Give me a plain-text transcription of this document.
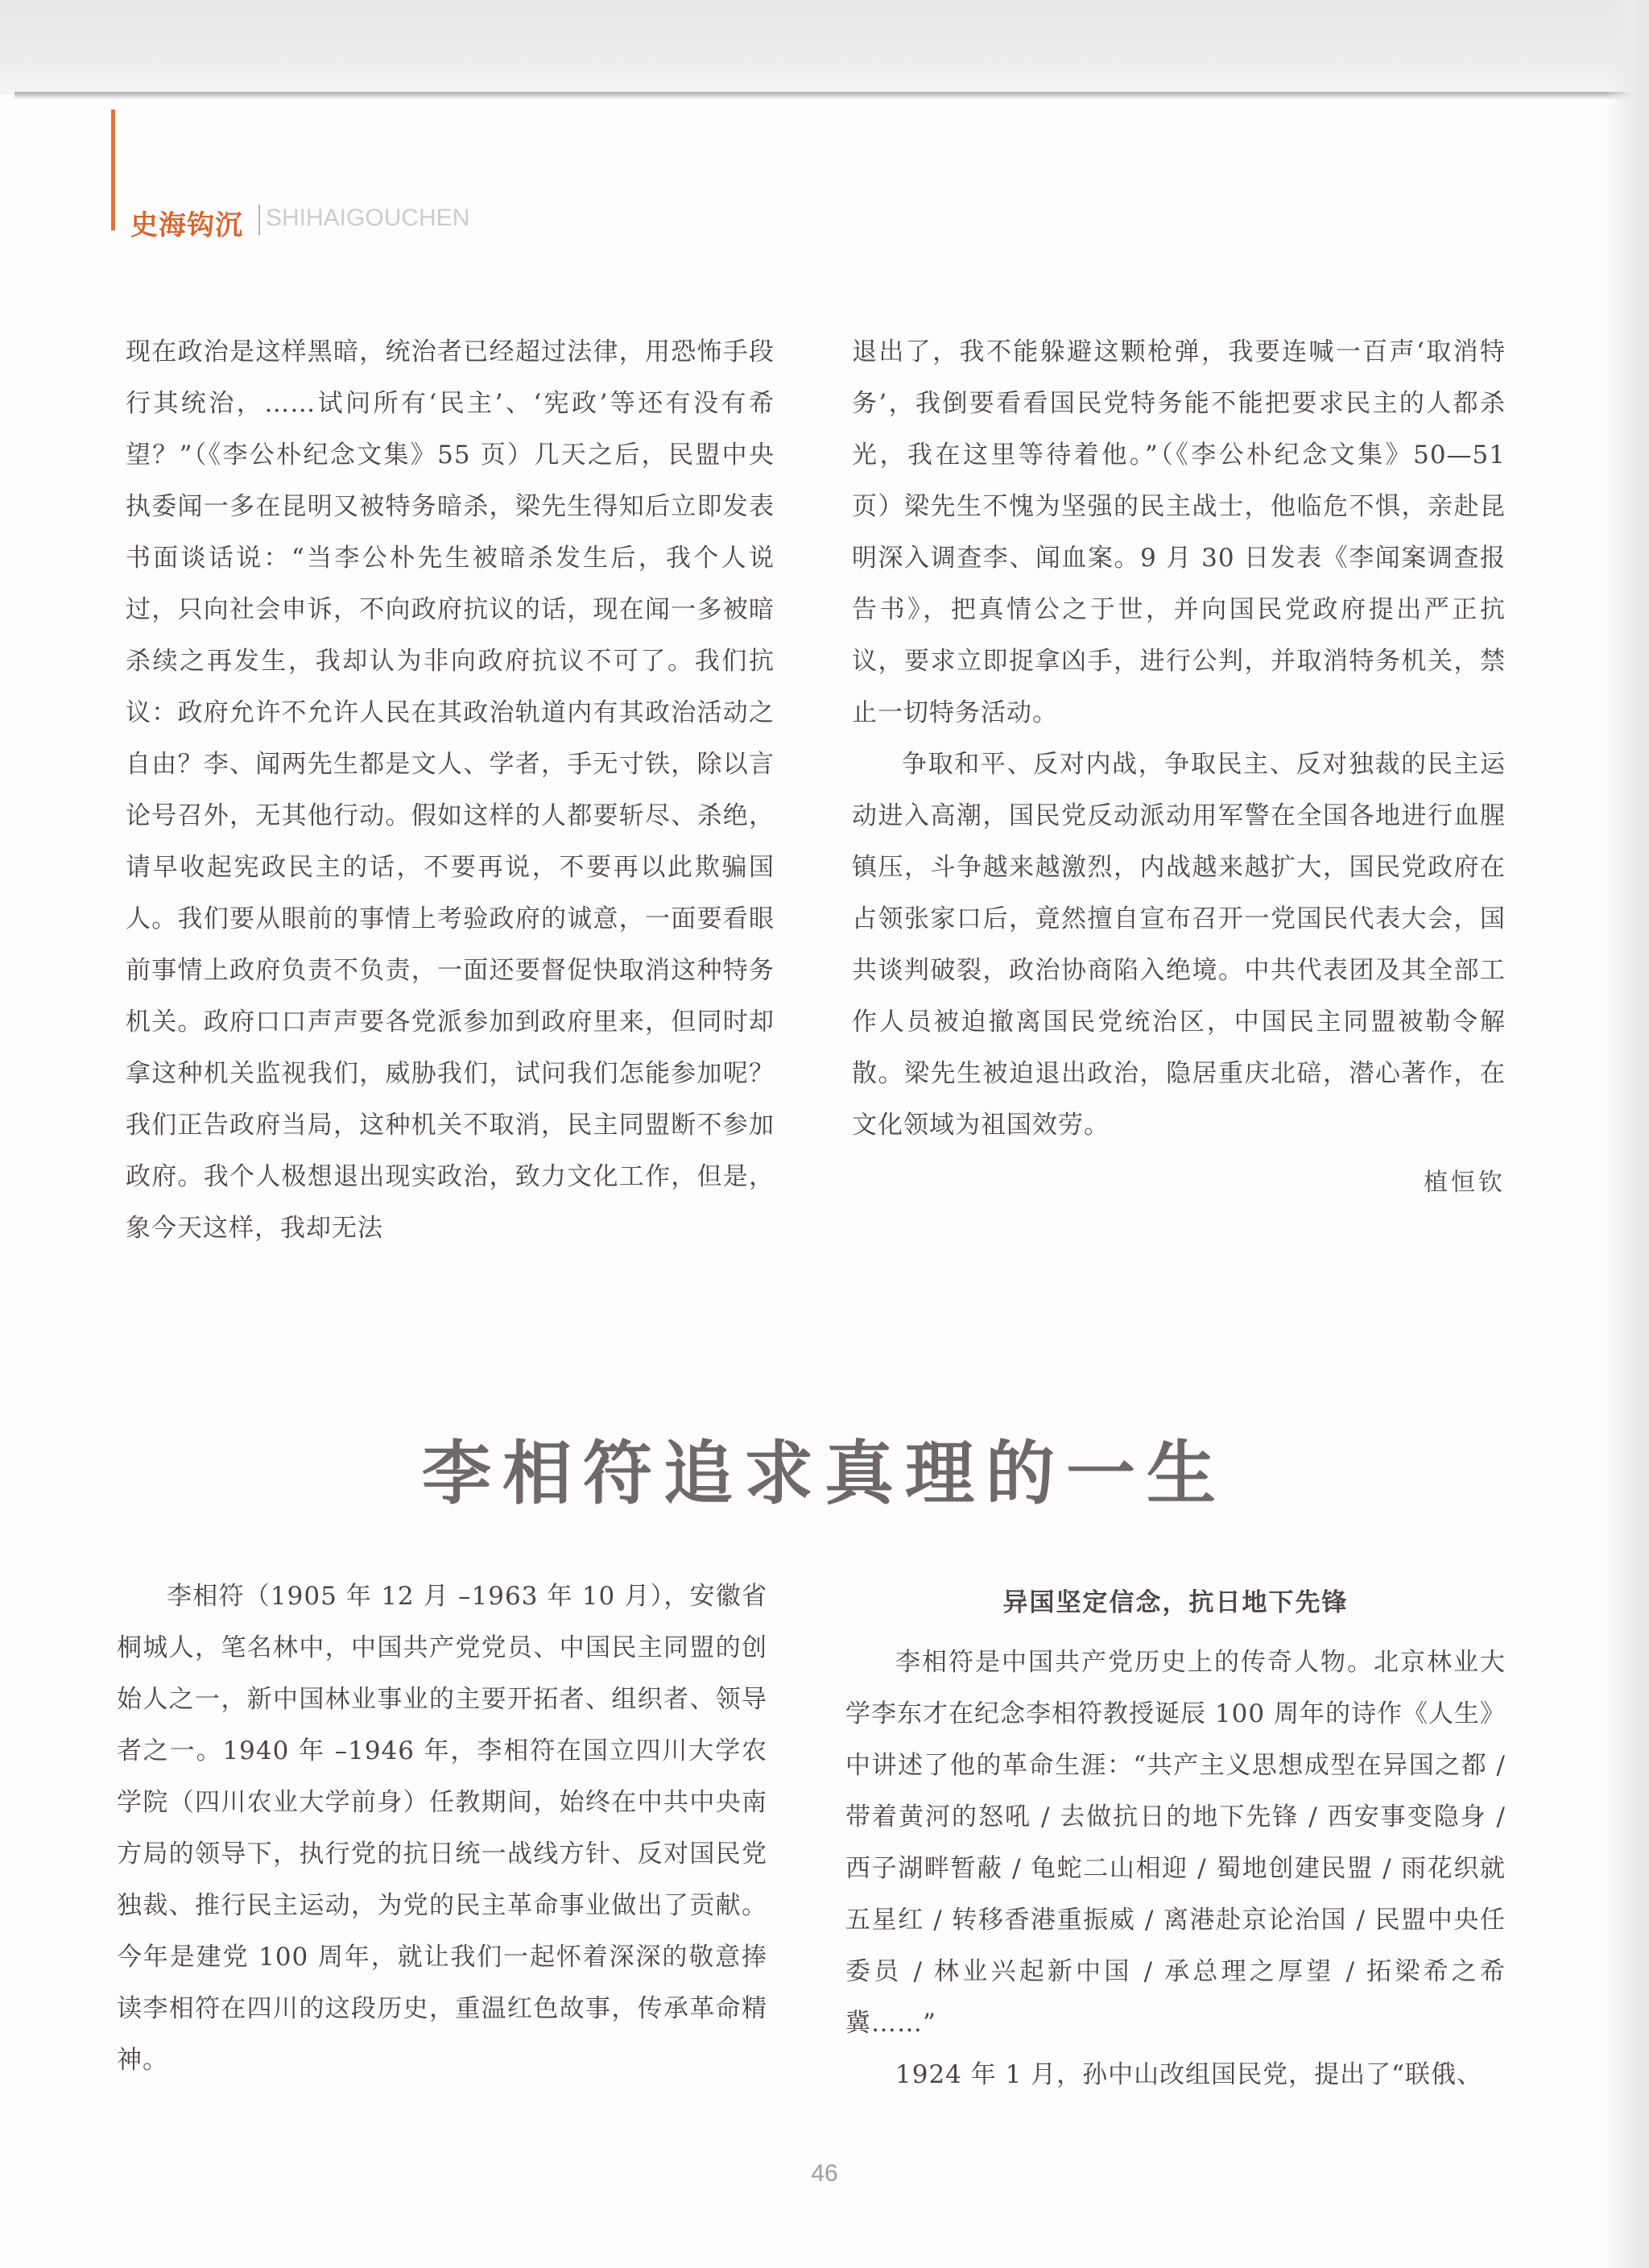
史海钩沉 SHIHAIGOUCHEN

现在政治是这样黑暗，统治者已经超过法律，用恐怖手段行其统治，……试问所有‘民主’、‘宪政’等还有没有希望？”（《李公朴纪念文集》55 页）几天之后，民盟中央执委闻一多在昆明又被特务暗杀，梁先生得知后立即发表书面谈话说：“当李公朴先生被暗杀发生后，我个人说过，只向社会申诉，不向政府抗议的话，现在闻一多被暗杀续之再发生，我却认为非向政府抗议不可了。我们抗议：政府允许不允许人民在其政治轨道内有其政治活动之自由？李、闻两先生都是文人、学者，手无寸铁，除以言论号召外，无其他行动。假如这样的人都要斩尽、杀绝，请早收起宪政民主的话，不要再说，不要再以此欺骗国人。我们要从眼前的事情上考验政府的诚意，一面要看眼前事情上政府负责不负责，一面还要督促快取消这种特务机关。政府口口声声要各党派参加到政府里来，但同时却拿这种机关监视我们，威胁我们，试问我们怎能参加呢？我们正告政府当局，这种机关不取消，民主同盟断不参加政府。我个人极想退出现实政治，致力文化工作，但是，象今天这样，我却无法

退出了，我不能躲避这颗枪弹，我要连喊一百声‘取消特务’，我倒要看看国民党特务能不能把要求民主的人都杀光，我在这里等待着他。”（《李公朴纪念文集》50—51 页）梁先生不愧为坚强的民主战士，他临危不惧，亲赴昆明深入调查李、闻血案。9 月 30 日发表《李闻案调查报告书》，把真情公之于世，并向国民党政府提出严正抗议，要求立即捉拿凶手，进行公判，并取消特务机关，禁止一切特务活动。

争取和平、反对内战，争取民主、反对独裁的民主运动进入高潮，国民党反动派动用军警在全国各地进行血腥镇压，斗争越来越激烈，内战越来越扩大，国民党政府在占领张家口后，竟然擅自宣布召开一党国民代表大会，国共谈判破裂，政治协商陷入绝境。中共代表团及其全部工作人员被迫撤离国民党统治区，中国民主同盟被勒令解散。梁先生被迫退出政治，隐居重庆北碚，潜心著作，在文化领域为祖国效劳。

植恒钦
李相符追求真理的一生

李相符（1905 年 12 月 –1963 年 10 月），安徽省桐城人，笔名林中，中国共产党党员、中国民主同盟的创始人之一，新中国林业事业的主要开拓者、组织者、领导者之一。1940 年 –1946 年，李相符在国立四川大学农学院（四川农业大学前身）任教期间，始终在中共中央南方局的领导下，执行党的抗日统一战线方针、反对国民党独裁、推行民主运动，为党的民主革命事业做出了贡献。今年是建党 100 周年，就让我们一起怀着深深的敬意捧读李相符在四川的这段历史，重温红色故事，传承革命精神。

异国坚定信念，抗日地下先锋

李相符是中国共产党历史上的传奇人物。北京林业大学李东才在纪念李相符教授诞辰 100 周年的诗作《人生》中讲述了他的革命生涯：“共产主义思想成型在异国之都 / 带着黄河的怒吼 / 去做抗日的地下先锋 / 西安事变隐身 / 西子湖畔暂蔽 / 龟蛇二山相迎 / 蜀地创建民盟 / 雨花织就五星红 / 转移香港重振威 / 离港赴京论治国 / 民盟中央任委员 / 林业兴起新中国 / 承总理之厚望 / 拓梁希之希冀……”

1924 年 1 月，孙中山改组国民党，提出了“联俄、

46
